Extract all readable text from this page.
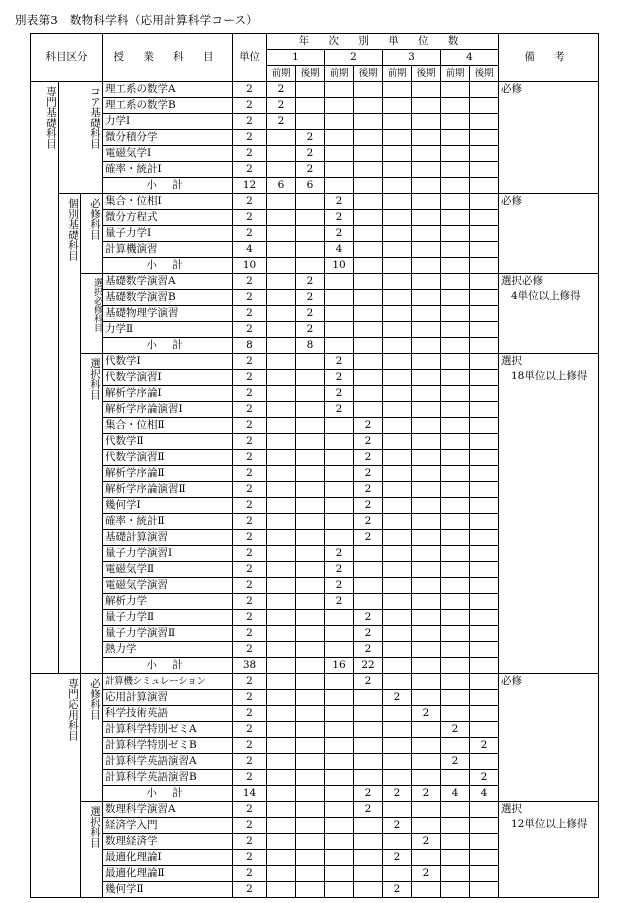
別表第3　数物科学科（応用計算科学コース）
科目区分			授 業 科 目	単位	年 次 別 単 位 数								備 考
					1		2		3		4		
					前期	後期	前期	後期	前期	後期	前期	後期	
専門基礎科目	コア基礎科目		理工系の数学A	2	2								必修

			理工系の数学B	2	2								
			力学Ⅰ	2	2								
			微分積分学	2		2							
			電磁気学Ⅰ	2		2							
			確率・統計Ⅰ	2		2							
			小 計	12	6	6							
	個別基礎科目	必修科目	集合・位相Ⅰ	2			2						必修

			微分方程式	2			2						
			量子力学Ⅰ	2			2						
			計算機演習	4			4						
			小 計	10			10						
		選択必修科目	基礎数学演習A	2		2							選択必修
4単位以上修得

			基礎数学演習B	2		2							
			基礎物理学演習	2		2							
			力学Ⅱ	2		2							
			小 計	8		8							
		選択科目	代数学Ⅰ	2			2						選択
18単位以上修得

			代数学演習Ⅰ	2			2						
			解析学序論Ⅰ	2			2						
			解析学序論演習Ⅰ	2			2						
			集合・位相Ⅱ	2				2					
			代数学Ⅱ	2				2					
			代数学演習Ⅱ	2				2					
			解析学序論Ⅱ	2				2					
			解析学序論演習Ⅱ	2				2					
			幾何学Ⅰ	2				2					
			確率・統計Ⅱ	2				2					
			基礎計算演習	2				2					
			量子力学演習Ⅰ	2			2						
			電磁気学Ⅱ	2			2						
			電磁気学演習	2			2						
			解析力学	2			2						
			量子力学Ⅱ	2				2					
			量子力学演習Ⅱ	2				2					
			熱力学	2				2					
			小 計	38			16	22					
専門応用科目		必修科目	計算機シミュレーション	2				2					必修

			応用計算演習	2					2				
			科学技術英語	2						2			
			計算科学特別ゼミA	2							2		
			計算科学特別ゼミB	2								2	
			計算科学英語演習A	2							2		
			計算科学英語演習B	2								2	
			小 計	14				2	2	2	4	4	
		選択科目	数理科学演習A	2				2					選択
12単位以上修得

			経済学入門	2					2				
			数理経済学	2						2			
			最適化理論Ⅰ	2					2				
			最適化理論Ⅱ	2						2			
			幾何学Ⅱ	2					2				
